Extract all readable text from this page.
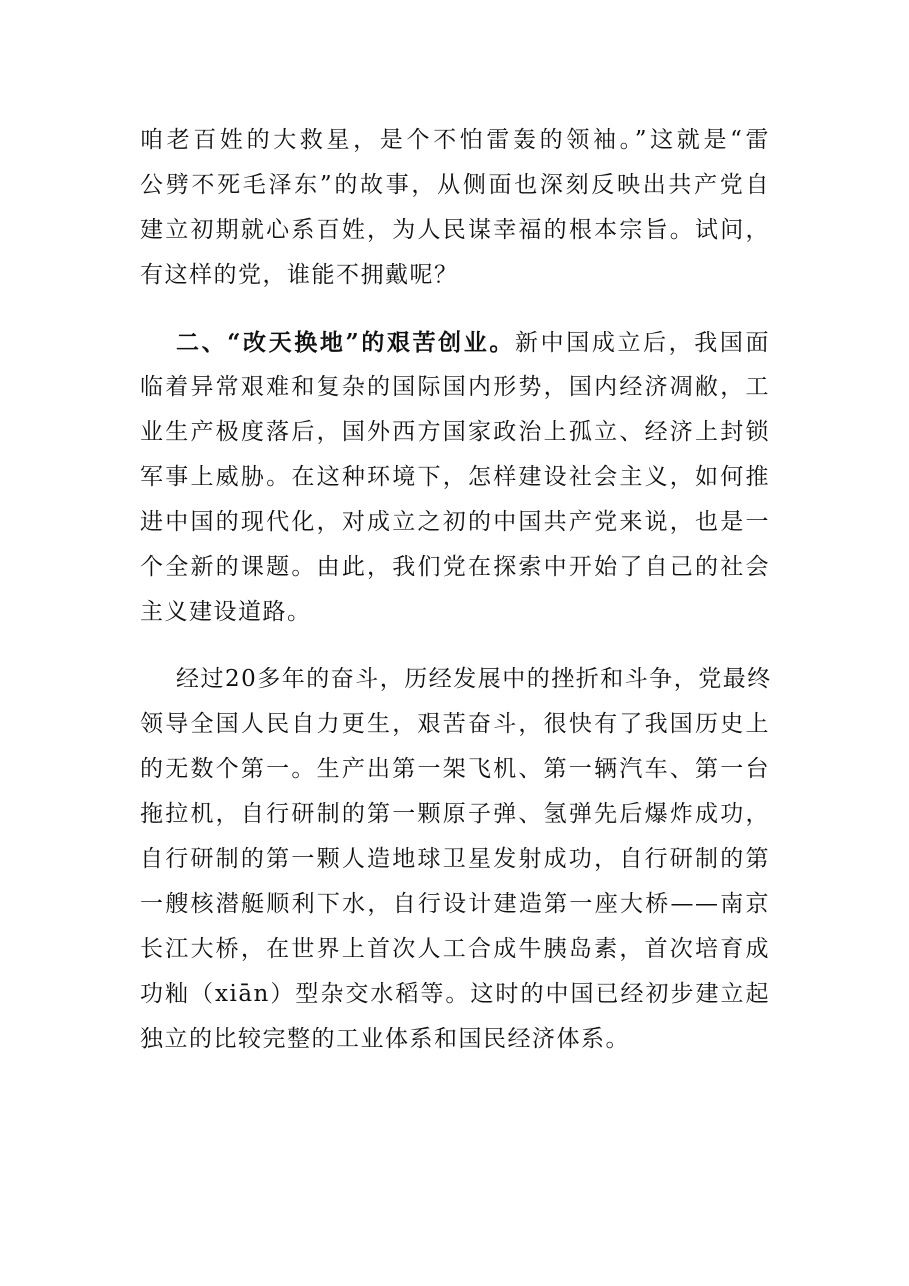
咱老百姓的大救星，是个不怕雷轰的领袖。”这就是“雷
公劈不死毛泽东”的故事，从侧面也深刻反映出共产党自
建立初期就心系百姓，为人民谋幸福的根本宗旨。试问，
有这样的党，谁能不拥戴呢？
二、“改天换地”的艰苦创业。新中国成立后，我国面
临着异常艰难和复杂的国际国内形势，国内经济凋敝，工
业生产极度落后，国外西方国家政治上孤立、经济上封锁
军事上威胁。在这种环境下，怎样建设社会主义，如何推
进中国的现代化，对成立之初的中国共产党来说，也是一
个全新的课题。由此，我们党在探索中开始了自己的社会
主义建设道路。
经过20多年的奋斗，历经发展中的挫折和斗争，党最终
领导全国人民自力更生，艰苦奋斗，很快有了我国历史上
的无数个第一。生产出第一架飞机、第一辆汽车、第一台
拖拉机，自行研制的第一颗原子弹、氢弹先后爆炸成功，
自行研制的第一颗人造地球卫星发射成功，自行研制的第
一艘核潜艇顺利下水，自行设计建造第一座大桥——南京
长江大桥，在世界上首次人工合成牛胰岛素，首次培育成
功籼（xiān）型杂交水稻等。这时的中国已经初步建立起
独立的比较完整的工业体系和国民经济体系。
